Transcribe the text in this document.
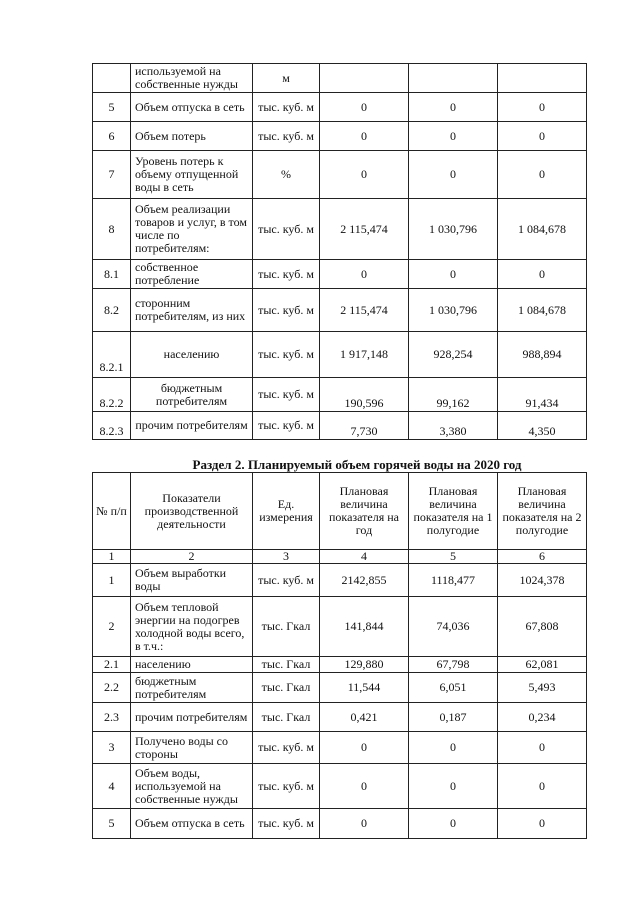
	используемой на собственные нужды	м			
5	Объем отпуска в сеть	тыс. куб. м	0	0	0
6	Объем потерь	тыс. куб. м	0	0	0
7	Уровень потерь к объему отпущенной воды в сеть	%	0	0	0
8	Объем реализации товаров и услуг, в том числе по потребителям:	тыс. куб. м	2 115,474	1 030,796	1 084,678
8.1	собственное потребление	тыс. куб. м	0	0	0
8.2	сторонним потребителям, из них	тыс. куб. м	2 115,474	1 030,796	1 084,678
8.2.1	населению	тыс. куб. м	1 917,148	928,254	988,894
8.2.2	бюджетным потребителям	тыс. куб. м	190,596	99,162	91,434
8.2.3	прочим потребителям	тыс. куб. м	7,730	3,380	4,350
Раздел 2. Планируемый объем горячей воды на 2020 год
№ п/п	Показатели производственной деятельности	Ед. измерения	Плановая величина показателя на год	Плановая величина показателя на 1 полугодие	Плановая величина показателя на 2 полугодие
1	2	3	4	5	6
1	Объем выработки воды	тыс. куб. м	2142,855	1118,477	1024,378
2	Объем тепловой энергии на подогрев холодной воды всего, в т.ч.:	тыс. Гкал	141,844	74,036	67,808
2.1	населению	тыс. Гкал	129,880	67,798	62,081
2.2	бюджетным потребителям	тыс. Гкал	11,544	6,051	5,493
2.3	прочим потребителям	тыс. Гкал	0,421	0,187	0,234
3	Получено воды со стороны	тыс. куб. м	0	0	0
4	Объем воды, используемой на собственные нужды	тыс. куб. м	0	0	0
5	Объем отпуска в сеть	тыс. куб. м	0	0	0
